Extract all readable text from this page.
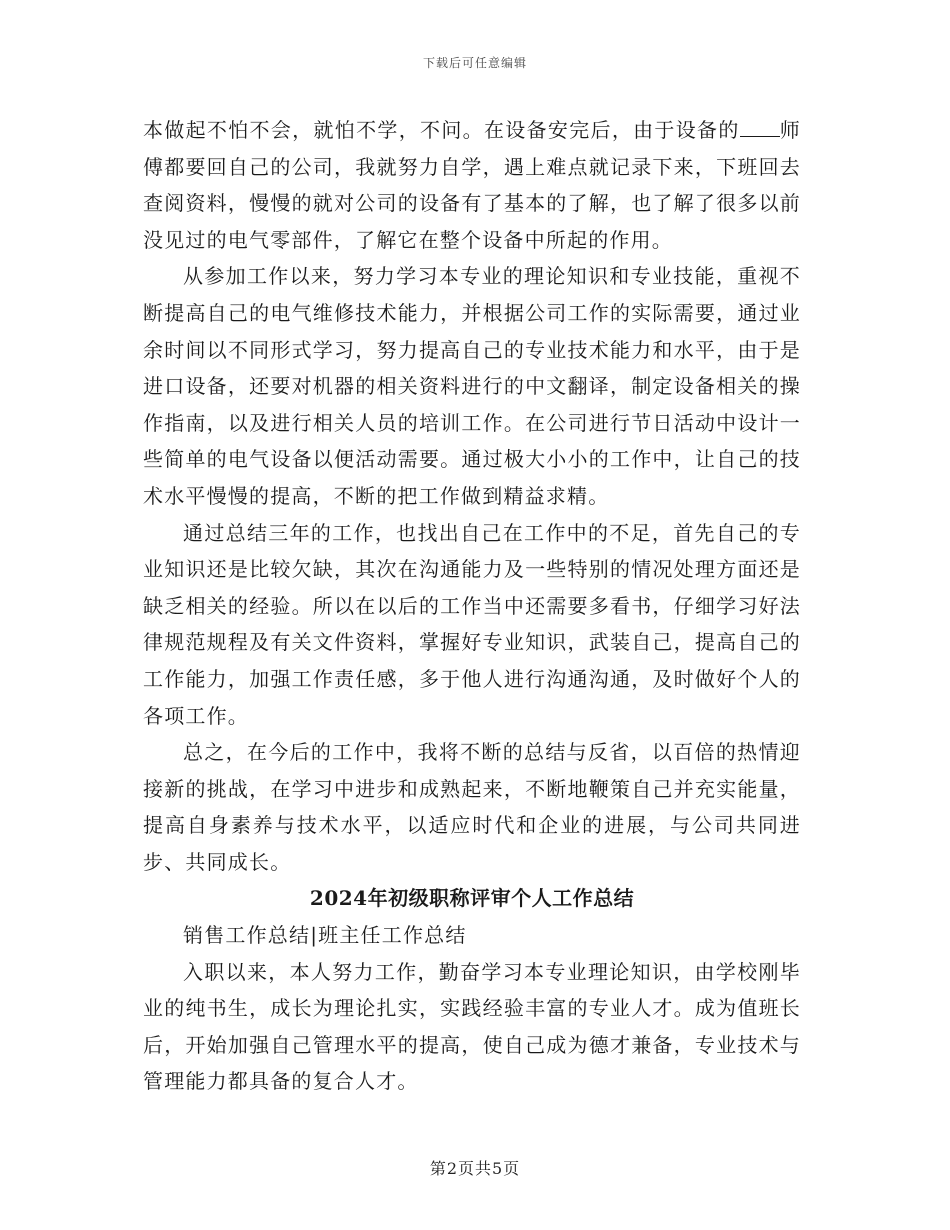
下载后可任意编辑

本做起不怕不会，就怕不学，不问。在设备安完后，由于设备的 师傅都要回自己的公司，我就努力自学，遇上难点就记录下来，下班回去查阅资料，慢慢的就对公司的设备有了基本的了解，也了解了很多以前没见过的电气零部件，了解它在整个设备中所起的作用。

从参加工作以来，努力学习本专业的理论知识和专业技能，重视不断提高自己的电气维修技术能力，并根据公司工作的实际需要，通过业余时间以不同形式学习，努力提高自己的专业技术能力和水平，由于是进口设备，还要对机器的相关资料进行的中文翻译，制定设备相关的操作指南，以及进行相关人员的培训工作。在公司进行节日活动中设计一些简单的电气设备以便活动需要。通过极大小小的工作中，让自己的技术水平慢慢的提高，不断的把工作做到精益求精。

通过总结三年的工作，也找出自己在工作中的不足，首先自己的专业知识还是比较欠缺，其次在沟通能力及一些特别的情况处理方面还是缺乏相关的经验。所以在以后的工作当中还需要多看书，仔细学习好法律规范规程及有关文件资料，掌握好专业知识，武装自己，提高自己的工作能力，加强工作责任感，多于他人进行沟通沟通，及时做好个人的各项工作。

总之，在今后的工作中，我将不断的总结与反省，以百倍的热情迎接新的挑战，在学习中进步和成熟起来，不断地鞭策自己并充实能量，提高自身素养与技术水平，以适应时代和企业的进展，与公司共同进步、共同成长。

2024年初级职称评审个人工作总结

销售工作总结|班主任工作总结

入职以来，本人努力工作，勤奋学习本专业理论知识，由学校刚毕业的纯书生，成长为理论扎实，实践经验丰富的专业人才。成为值班长后，开始加强自己管理水平的提高，使自己成为德才兼备，专业技术与管理能力都具备的复合人才。

第2页共5页
